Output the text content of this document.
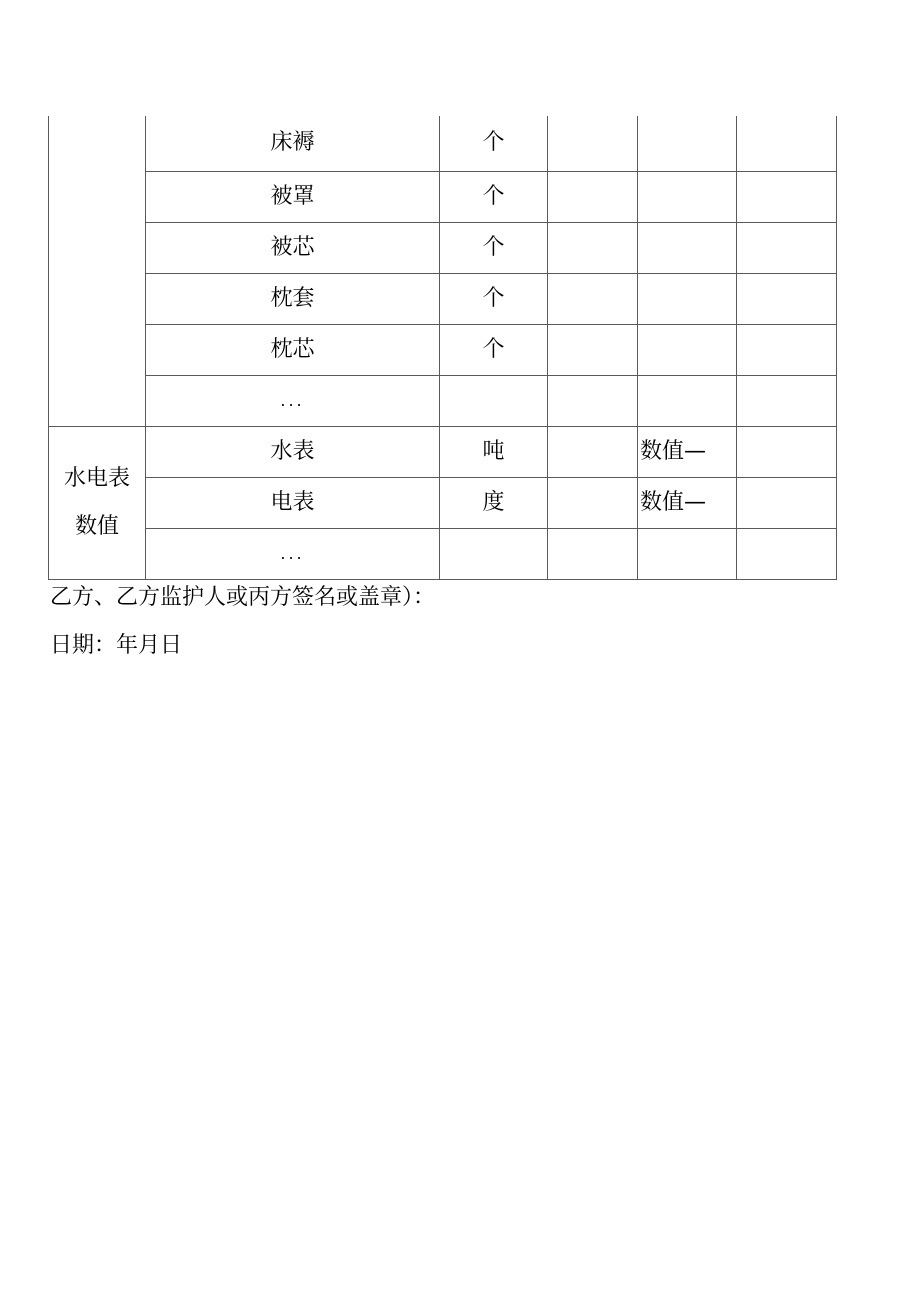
	床褥	个			
	被罩	个			
	被芯	个			
	枕套	个			
	枕芯	个			
	...				
水电表
数值	水表	吨		数值—	
	电表	度		数值—	
	...				
乙方、乙方监护人或丙方签名或盖章）：
日期：年月日
